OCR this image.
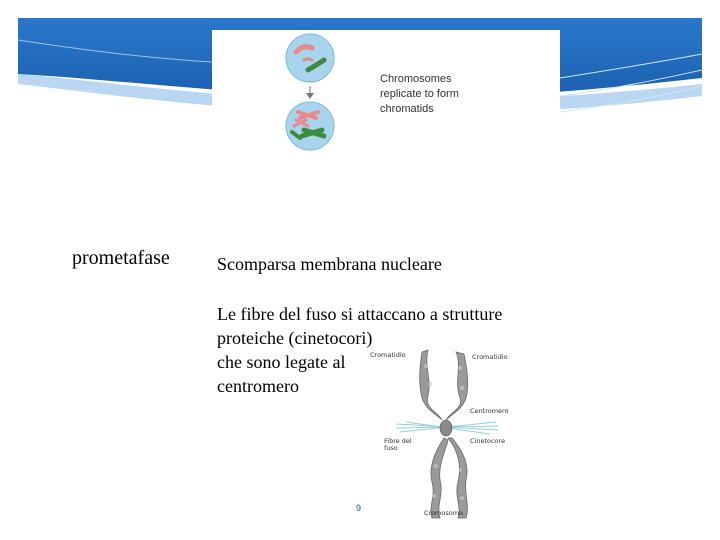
Chromosomes
replicate to form
chromatids
prometafase	Scomparsa membrana nucleare
Le fibre del fuso si attaccano a strutture
proteiche (cinetocori)
che sono legate al
centromero
Cromatidio	Cromatidio
Centromero
Fibre del
fuso
Cinetocore
Cromosoma
9
